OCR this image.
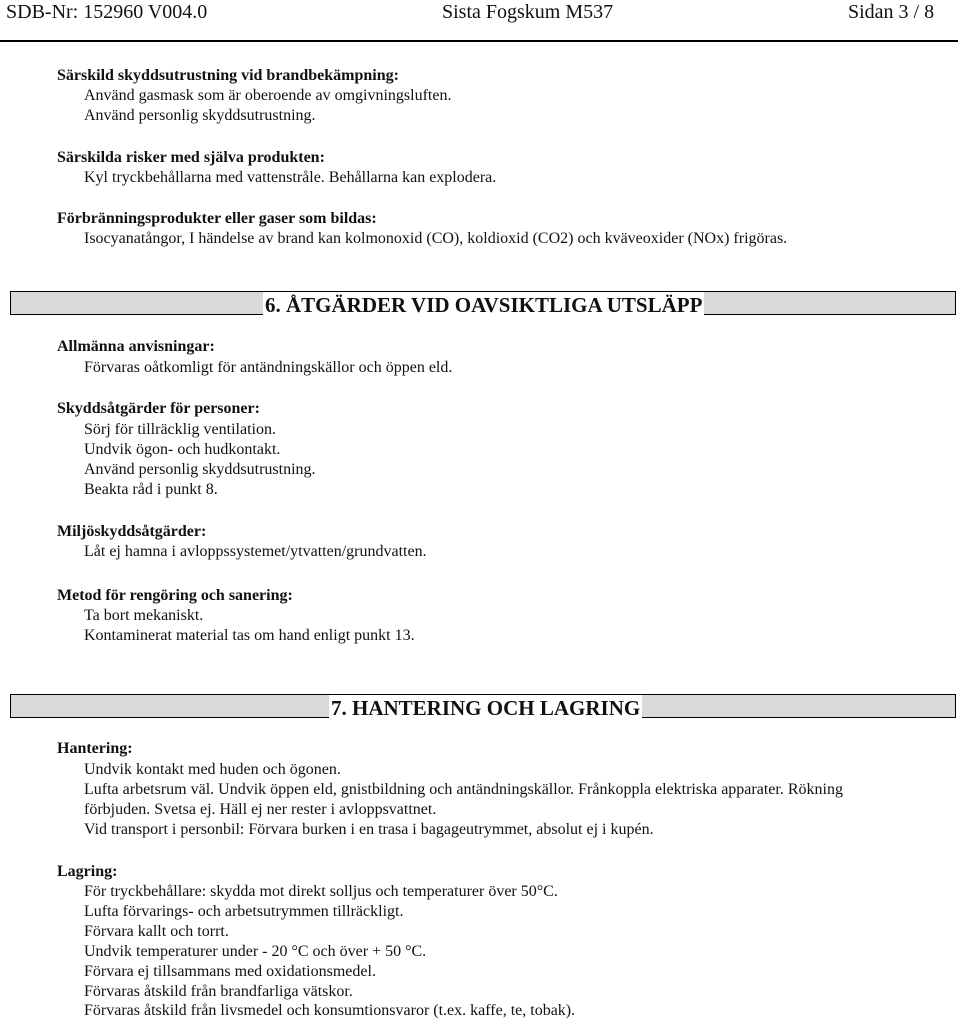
SDB-Nr: 152960 V004.0	Sista Fogskum M537	Sidan 3 / 8
Särskild skyddsutrustning vid brandbekämpning:
Använd gasmask som är oberoende av omgivningsluften.
Använd personlig skyddsutrustning.
Särskilda risker med själva produkten:
Kyl tryckbehållarna med vattenstråle. Behållarna kan explodera.
Förbränningsprodukter eller gaser som bildas:
Isocyanatångor, I händelse av brand kan kolmonoxid (CO), koldioxid (CO2) och kväveoxider (NOx) frigöras.
6. ÅTGÄRDER VID OAVSIKTLIGA UTSLÄPP
Allmänna anvisningar:
Förvaras oåtkomligt för antändningskällor och öppen eld.
Skyddsåtgärder för personer:
Sörj för tillräcklig ventilation.
Undvik ögon- och hudkontakt.
Använd personlig skyddsutrustning.
Beakta råd i punkt 8.
Miljöskyddsåtgärder:
Låt ej hamna i avloppssystemet/ytvatten/grundvatten.
Metod för rengöring och sanering:
Ta bort mekaniskt.
Kontaminerat material tas om hand enligt punkt 13.
7. HANTERING OCH LAGRING
Hantering:
Undvik kontakt med huden och ögonen.
Lufta arbetsrum väl. Undvik öppen eld, gnistbildning och antändningskällor. Frånkoppla elektriska apparater. Rökning
förbjuden. Svetsa ej. Häll ej ner rester i avloppsvattnet.
Vid transport i personbil: Förvara burken i en trasa i bagageutrymmet, absolut ej i kupén.
Lagring:
För tryckbehållare: skydda mot direkt solljus och temperaturer över 50°C.
Lufta förvarings- och arbetsutrymmen tillräckligt.
Förvara kallt och torrt.
Undvik temperaturer under - 20 °C och över + 50 °C.
Förvara ej tillsammans med oxidationsmedel.
Förvaras åtskild från brandfarliga vätskor.
Förvaras åtskild från livsmedel och konsumtionsvaror (t.ex. kaffe, te, tobak).
